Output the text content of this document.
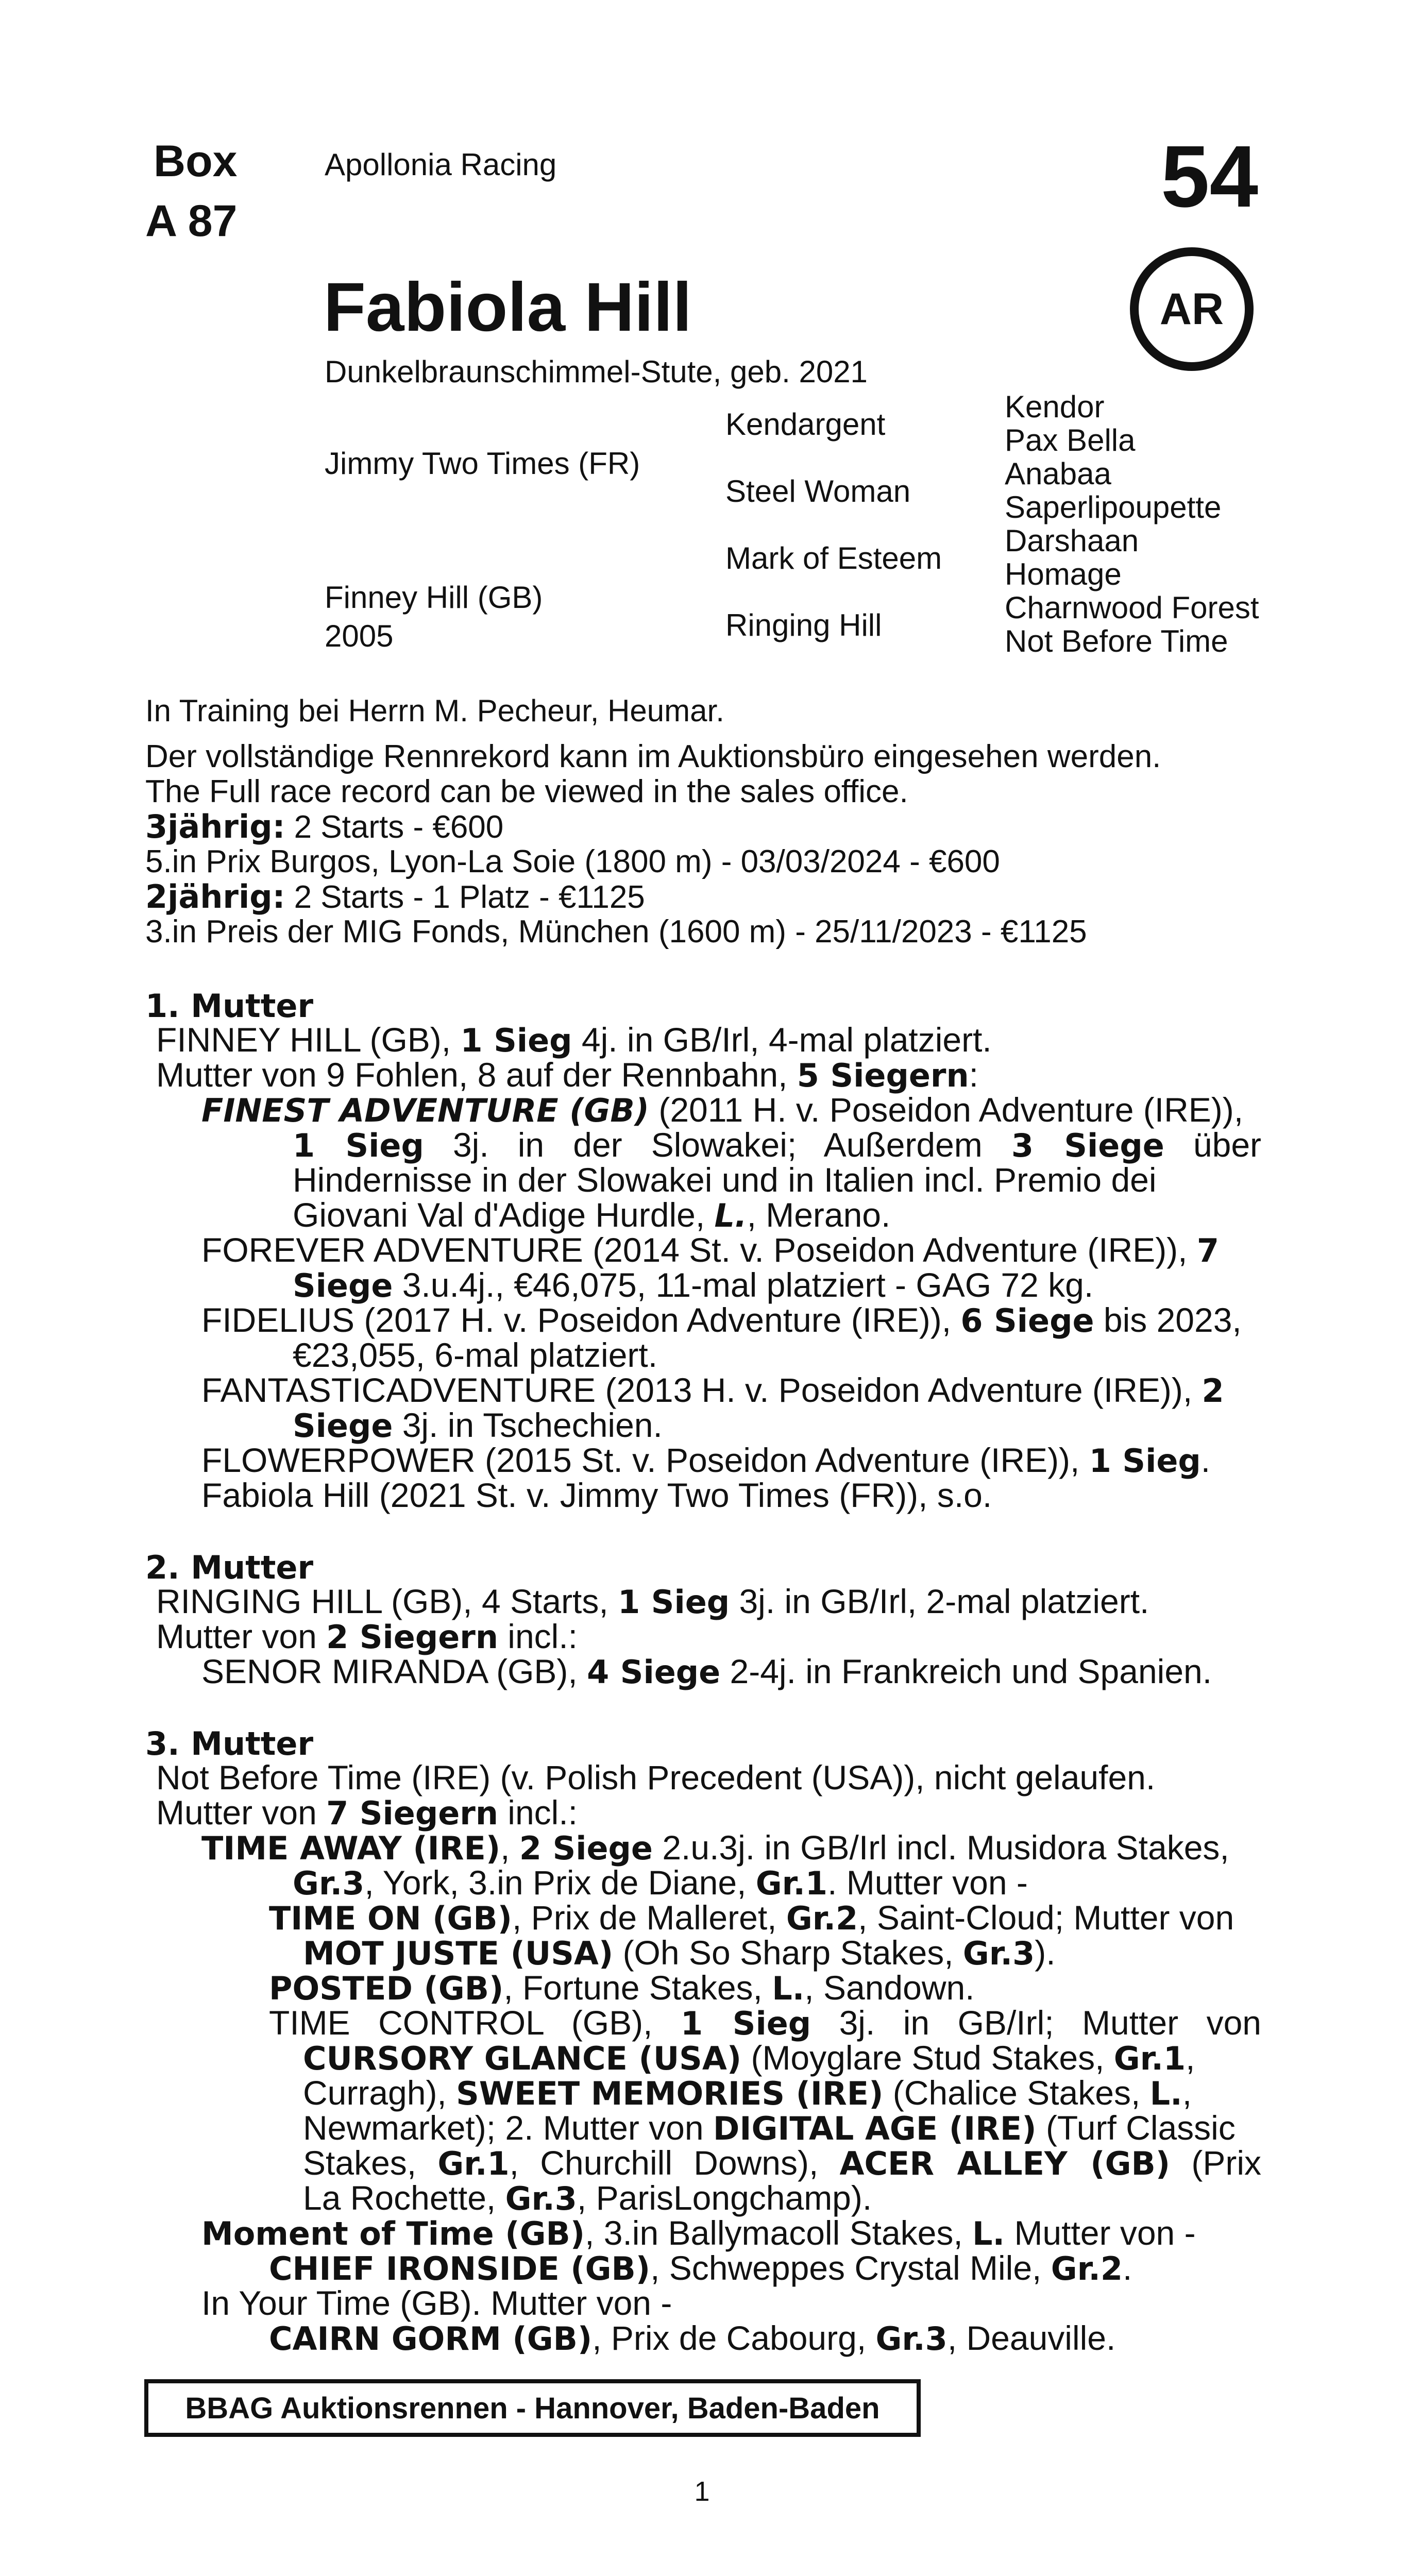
Box
A 87
Apollonia Racing	54
AR
Fabiola Hill
Dunkelbraunschimmel-Stute, geb. 2021
Jimmy Two Times (FR)
Finney Hill (GB)
2005
Kendargent
Steel Woman
Mark of Esteem
Ringing Hill
Kendor
Pax Bella
Anabaa
Saperlipoupette
Darshaan
Homage
Charnwood Forest
Not Before Time
In Training bei Herrn M. Pecheur, Heumar.
Der vollständige Rennrekord kann im Auktionsbüro eingesehen werden.
The Full race record can be viewed in the sales office.
3jährig: 2 Starts - €600
5.in Prix Burgos, Lyon-La Soie (1800 m) - 03/03/2024 - €600
2jährig: 2 Starts - 1 Platz - €1125
3.in Preis der MIG Fonds, München (1600 m) - 25/11/2023 - €1125
1. Mutter
FINNEY HILL (GB), 1 Sieg 4j. in GB/Irl, 4-mal platziert.
Mutter von 9 Fohlen, 8 auf der Rennbahn, 5 Siegern:
FINEST ADVENTURE (GB) (2011 H. v. Poseidon Adventure (IRE)),
1 Sieg 3j. in der Slowakei; Außerdem 3 Siege über
Hindernisse in der Slowakei und in Italien incl. Premio dei
Giovani Val d'Adige Hurdle, L., Merano.
FOREVER ADVENTURE (2014 St. v. Poseidon Adventure (IRE)), 7
Siege 3.u.4j., €46,075, 11-mal platziert - GAG 72 kg.
FIDELIUS (2017 H. v. Poseidon Adventure (IRE)), 6 Siege bis 2023,
€23,055, 6-mal platziert.
FANTASTICADVENTURE (2013 H. v. Poseidon Adventure (IRE)), 2
Siege 3j. in Tschechien.
FLOWERPOWER (2015 St. v. Poseidon Adventure (IRE)), 1 Sieg.
Fabiola Hill (2021 St. v. Jimmy Two Times (FR)), s.o.
2. Mutter
RINGING HILL (GB), 4 Starts, 1 Sieg 3j. in GB/Irl, 2-mal platziert.
Mutter von 2 Siegern incl.:
SENOR MIRANDA (GB), 4 Siege 2-4j. in Frankreich und Spanien.
3. Mutter
Not Before Time (IRE) (v. Polish Precedent (USA)), nicht gelaufen.
Mutter von 7 Siegern incl.:
TIME AWAY (IRE), 2 Siege 2.u.3j. in GB/Irl incl. Musidora Stakes,
Gr.3, York, 3.in Prix de Diane, Gr.1. Mutter von -
TIME ON (GB), Prix de Malleret, Gr.2, Saint-Cloud; Mutter von
MOT JUSTE (USA) (Oh So Sharp Stakes, Gr.3).
POSTED (GB), Fortune Stakes, L., Sandown.
TIME CONTROL (GB), 1 Sieg 3j. in GB/Irl; Mutter von
CURSORY GLANCE (USA) (Moyglare Stud Stakes, Gr.1,
Curragh), SWEET MEMORIES (IRE) (Chalice Stakes, L.,
Newmarket); 2. Mutter von DIGITAL AGE (IRE) (Turf Classic
Stakes, Gr.1, Churchill Downs), ACER ALLEY (GB) (Prix
La Rochette, Gr.3, ParisLongchamp).
Moment of Time (GB), 3.in Ballymacoll Stakes, L. Mutter von -
CHIEF IRONSIDE (GB), Schweppes Crystal Mile, Gr.2.
In Your Time (GB). Mutter von -
CAIRN GORM (GB), Prix de Cabourg, Gr.3, Deauville.
BBAG Auktionsrennen - Hannover, Baden-Baden
1
